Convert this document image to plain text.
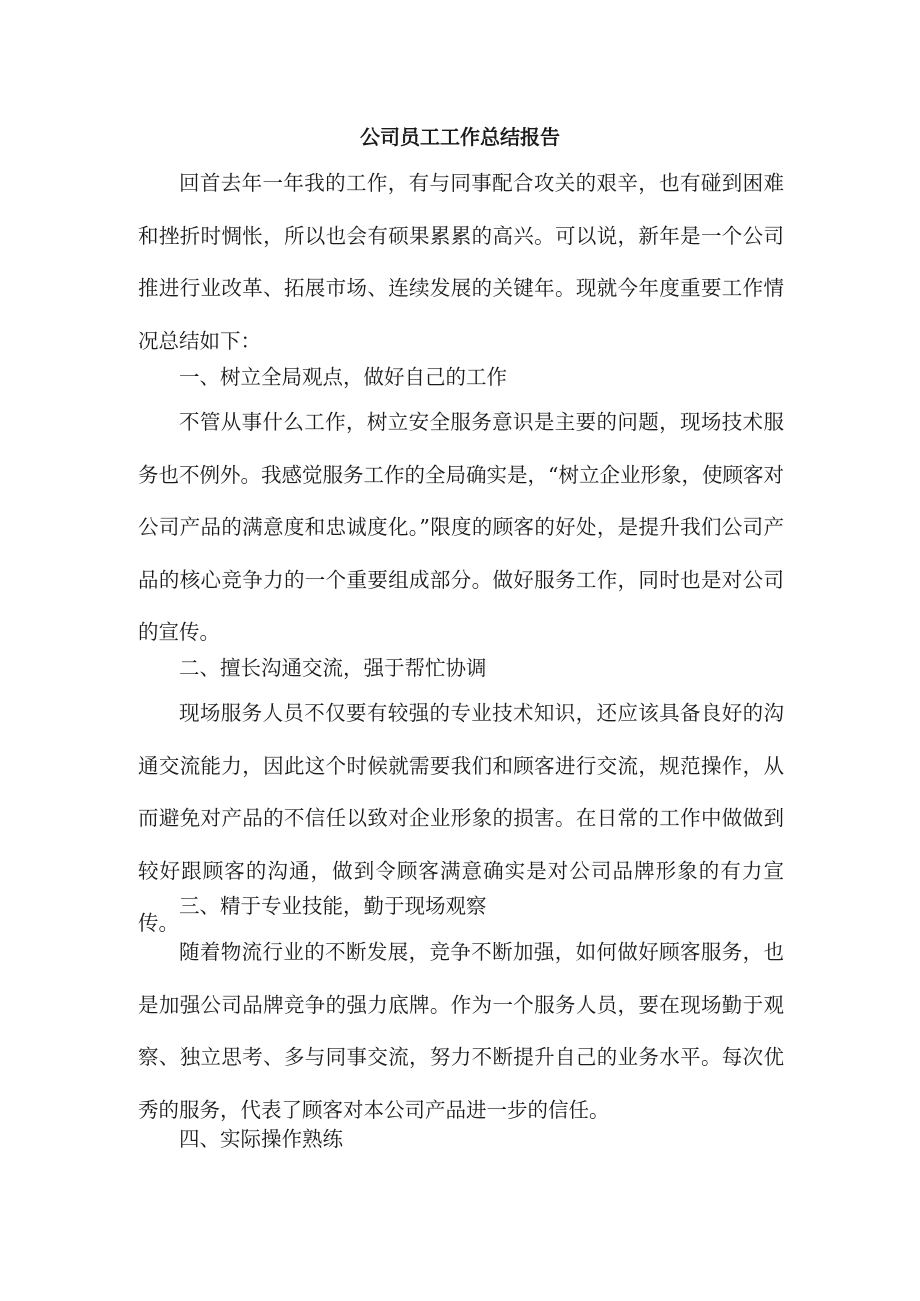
公司员工工作总结报告

回首去年一年我的工作，有与同事配合攻关的艰辛，也有碰到困难和挫折时惆怅，所以也会有硕果累累的高兴。可以说，新年是一个公司推进行业改革、拓展市场、连续发展的关键年。现就今年度重要工作情况总结如下：

一、树立全局观点，做好自己的工作

不管从事什么工作，树立安全服务意识是主要的问题，现场技术服务也不例外。我感觉服务工作的全局确实是，“树立企业形象，使顾客对公司产品的满意度和忠诚度化。”限度的顾客的好处，是提升我们公司产品的核心竞争力的一个重要组成部分。做好服务工作，同时也是对公司的宣传。

二、擅长沟通交流，强于帮忙协调

现场服务人员不仅要有较强的专业技术知识，还应该具备良好的沟通交流能力，因此这个时候就需要我们和顾客进行交流，规范操作，从而避免对产品的不信任以致对企业形象的损害。在日常的工作中做做到较好跟顾客的沟通，做到令顾客满意确实是对公司品牌形象的有力宣传。

三、精于专业技能，勤于现场观察

随着物流行业的不断发展，竞争不断加强，如何做好顾客服务，也是加强公司品牌竞争的强力底牌。作为一个服务人员，要在现场勤于观察、独立思考、多与同事交流，努力不断提升自己的业务水平。每次优秀的服务，代表了顾客对本公司产品进一步的信任。

四、实际操作熟练
